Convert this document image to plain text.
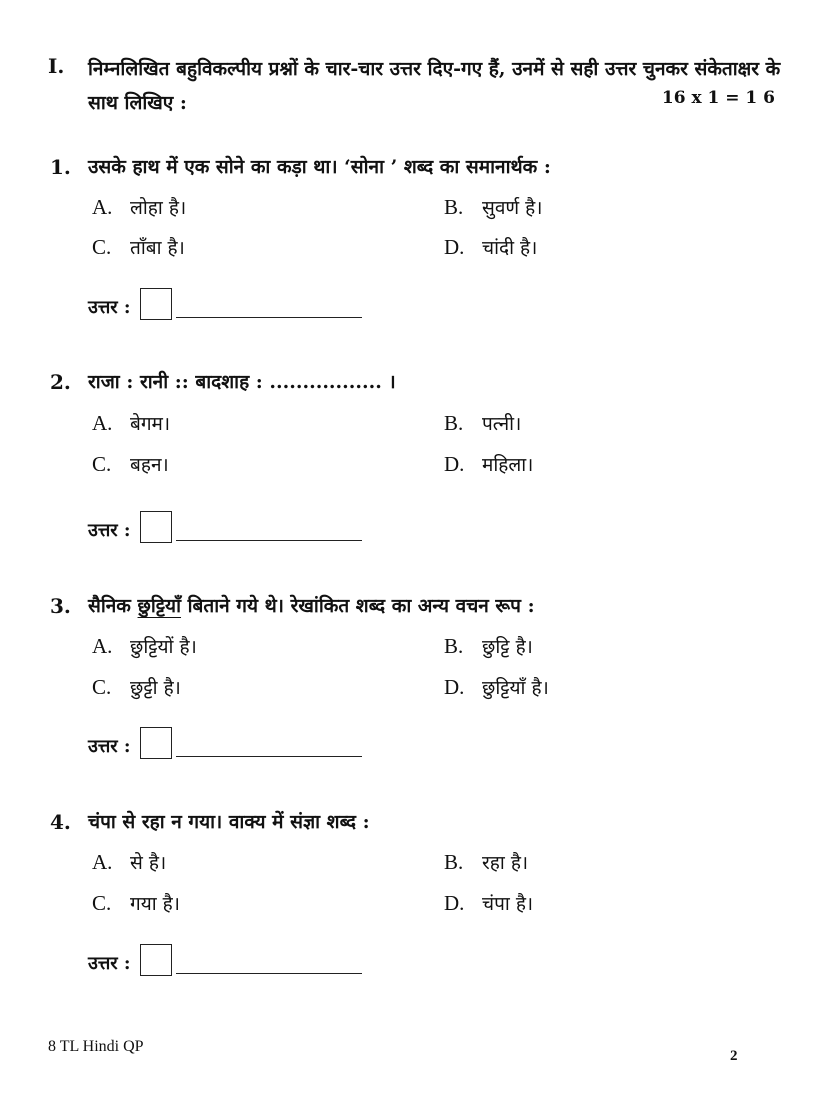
I. निम्नलिखित बहुविकल्पीय प्रश्नों के चार-चार उत्तर दिए-गए हैं, उनमें से सही उत्तर चुनकर संकेताक्षर के साथ लिखिए :	16 x 1 = 1 6
1. उसके हाथ में एक सोने का कड़ा था। ‘सोना ’ शब्द का समानार्थक :
A. लोहा है।	B. सुवर्ण है।
C. ताँबा है।	D. चांदी है।
उत्तर :
2. राजा : रानी :: बादशाह : ................. ।
A. बेगम।	B. पत्नी।
C. बहन।	D. महिला।
उत्तर :
3. सैनिक छुट्टियाँ बिताने गये थे। रेखांकित शब्द का अन्य वचन रूप :
A. छुट्टियों है।	B. छुट्टि है।
C. छुट्टी है।	D. छुट्टियाँ है।
उत्तर :
4. चंपा से रहा न गया। वाक्य में संज्ञा शब्द :
A. से है।	B. रहा है।
C. गया है।	D. चंपा है।
उत्तर :
8 TL Hindi QP
2
